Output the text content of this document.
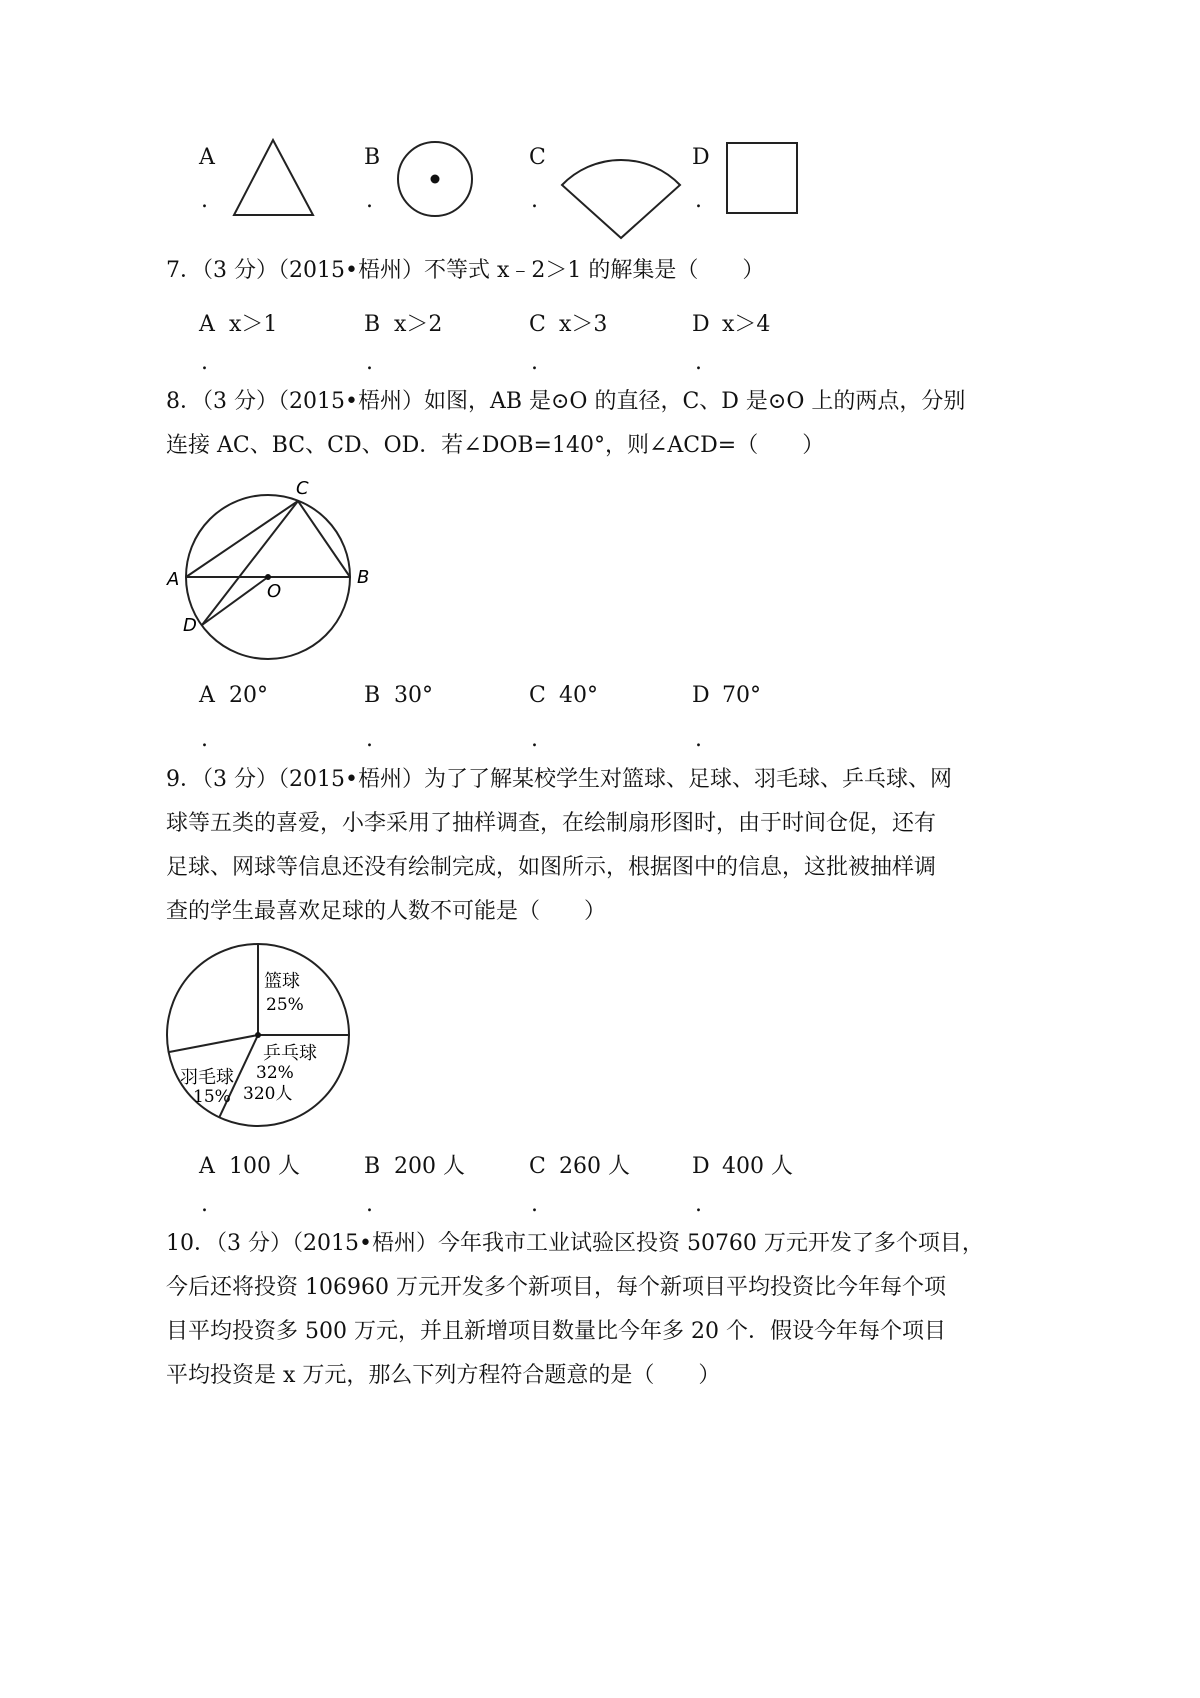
A
.
B
.
C
.
D
.
7．（3 分）（2015•梧州）不等式 x﹣2＞1 的解集是（　　）
A x＞1	B x＞2	C x＞3	D x＞4
.	.	.	.
8．（3 分）（2015•梧州）如图，AB 是⊙O 的直径，C、D 是⊙O 上的两点，分别
连接 AC、BC、CD、OD．若∠DOB=140°，则∠ACD=（　　）
A	B
C
D
O
A 20°	B 30°	C 40°	D 70°
.	.	.	.
9．（3 分）（2015•梧州）为了了解某校学生对篮球、足球、羽毛球、乒乓球、网
球等五类的喜爱，小李采用了抽样调查，在绘制扇形图时，由于时间仓促，还有
足球、网球等信息还没有绘制完成，如图所示，根据图中的信息，这批被抽样调
查的学生最喜欢足球的人数不可能是（　　）
篮球
25%
乒乓球
32%
320人
羽毛球
15%
A 100 人	B 200 人	C 260 人	D 400 人
.	.	.	.
10．（3 分）（2015•梧州）今年我市工业试验区投资 50760 万元开发了多个项目，
今后还将投资 106960 万元开发多个新项目，每个新项目平均投资比今年每个项
目平均投资多 500 万元，并且新增项目数量比今年多 20 个．假设今年每个项目
平均投资是 x 万元，那么下列方程符合题意的是（　　）
